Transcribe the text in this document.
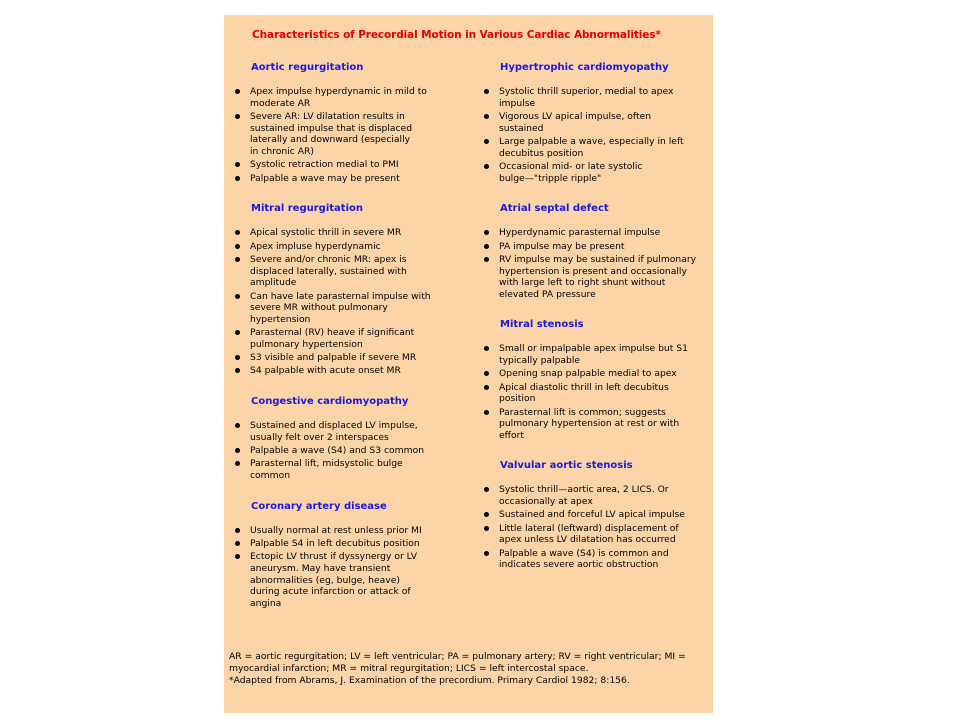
Characteristics of Precordial Motion in Various Cardiac Abnormalities*
Aortic regurgitation
Apex impulse hyperdynamic in mild to
moderate AR
Severe AR: LV dilatation results in
sustained impulse that is displaced
laterally and downward (especially
in chronic AR)
Systolic retraction medial to PMI
Palpable a wave may be present
Mitral regurgitation
Apical systolic thrill in severe MR
Apex impluse hyperdynamic
Severe and/or chronic MR: apex is
displaced laterally, sustained with
amplitude
Can have late parasternal impulse with
severe MR without pulmonary
hypertension
Parasternal (RV) heave if significant
pulmonary hypertension
S3 visible and palpable if severe MR
S4 palpable with acute onset MR
Congestive cardiomyopathy
Sustained and displaced LV impulse,
usually felt over 2 interspaces
Palpable a wave (S4) and S3 common
Parasternal lift, midsystolic bulge
common
Coronary artery disease
Usually normal at rest unless prior MI
Palpable S4 in left decubitus position
Ectopic LV thrust if dyssynergy or LV
aneurysm. May have transient
abnormalities (eg, bulge, heave)
during acute infarction or attack of
angina
Hypertrophic cardiomyopathy
Systolic thrill superior, medial to apex
impulse
Vigorous LV apical impulse, often
sustained
Large palpable a wave, especially in left
decubitus position
Occasional mid- or late systolic
bulge—"tripple ripple"
Atrial septal defect
Hyperdynamic parasternal impulse
PA impulse may be present
RV impulse may be sustained if pulmonary
hypertension is present and occasionally
with large left to right shunt without
elevated PA pressure
Mitral stenosis
Small or impalpable apex impulse but S1
typically palpable
Opening snap palpable medial to apex
Apical diastolic thrill in left decubitus
position
Parasternal lift is common; suggests
pulmonary hypertension at rest or with
effort
Valvular aortic stenosis
Systolic thrill—aortic area, 2 LICS. Or
occasionally at apex
Sustained and forceful LV apical impulse
Little lateral (leftward) displacement of
apex unless LV dilatation has occurred
Palpable a wave (S4) is common and
indicates severe aortic obstruction
AR = aortic regurgitation; LV = left ventricular; PA = pulmonary artery; RV = right ventricular; MI = myocardial infarction; MR = mitral regurgitation; LICS = left intercostal space.
*Adapted from Abrams, J. Examination of the precordium. Primary Cardiol 1982; 8:156.
